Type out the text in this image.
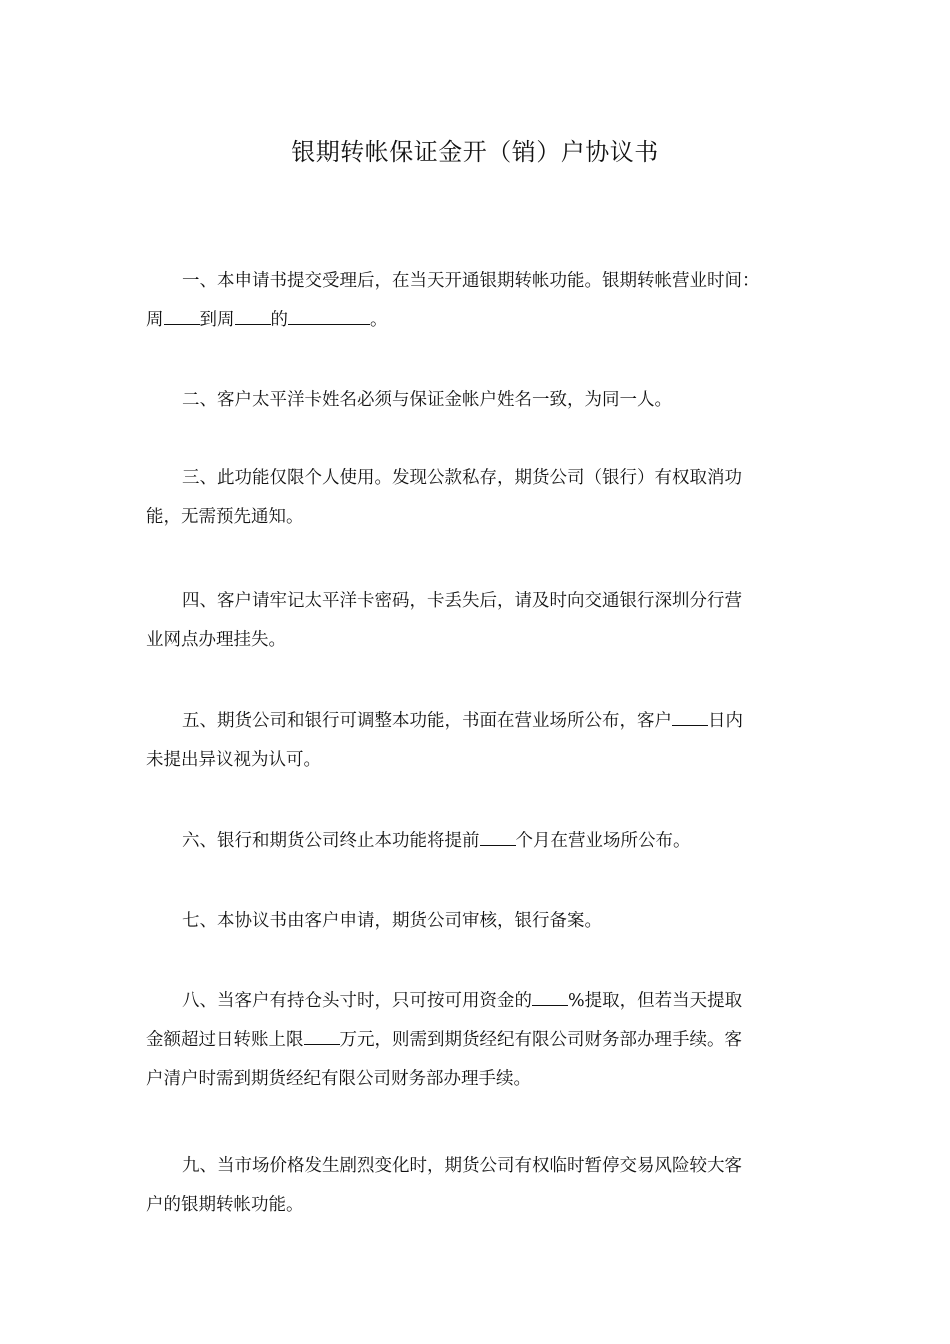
银期转帐保证金开（销）户协议书
一、本申请书提交受理后，在当天开通银期转帐功能。银期转帐营业时间：
周 到周 的	。
二、客户太平洋卡姓名必须与保证金帐户姓名一致，为同一人。
三、此功能仅限个人使用。发现公款私存，期货公司（银行）有权取消功
能，无需预先通知。
四、客户请牢记太平洋卡密码，卡丢失后，请及时向交通银行深圳分行营
业网点办理挂失。
五、期货公司和银行可调整本功能，书面在营业场所公布，客户 日内
未提出异议视为认可。
六、银行和期货公司终止本功能将提前 个月在营业场所公布。
七、本协议书由客户申请，期货公司审核，银行备案。
八、当客户有持仓头寸时，只可按可用资金的 %提取，但若当天提取
金额超过日转账上限 万元，则需到期货经纪有限公司财务部办理手续。客
户清户时需到期货经纪有限公司财务部办理手续。
九、当市场价格发生剧烈变化时，期货公司有权临时暂停交易风险较大客
户的银期转帐功能。
